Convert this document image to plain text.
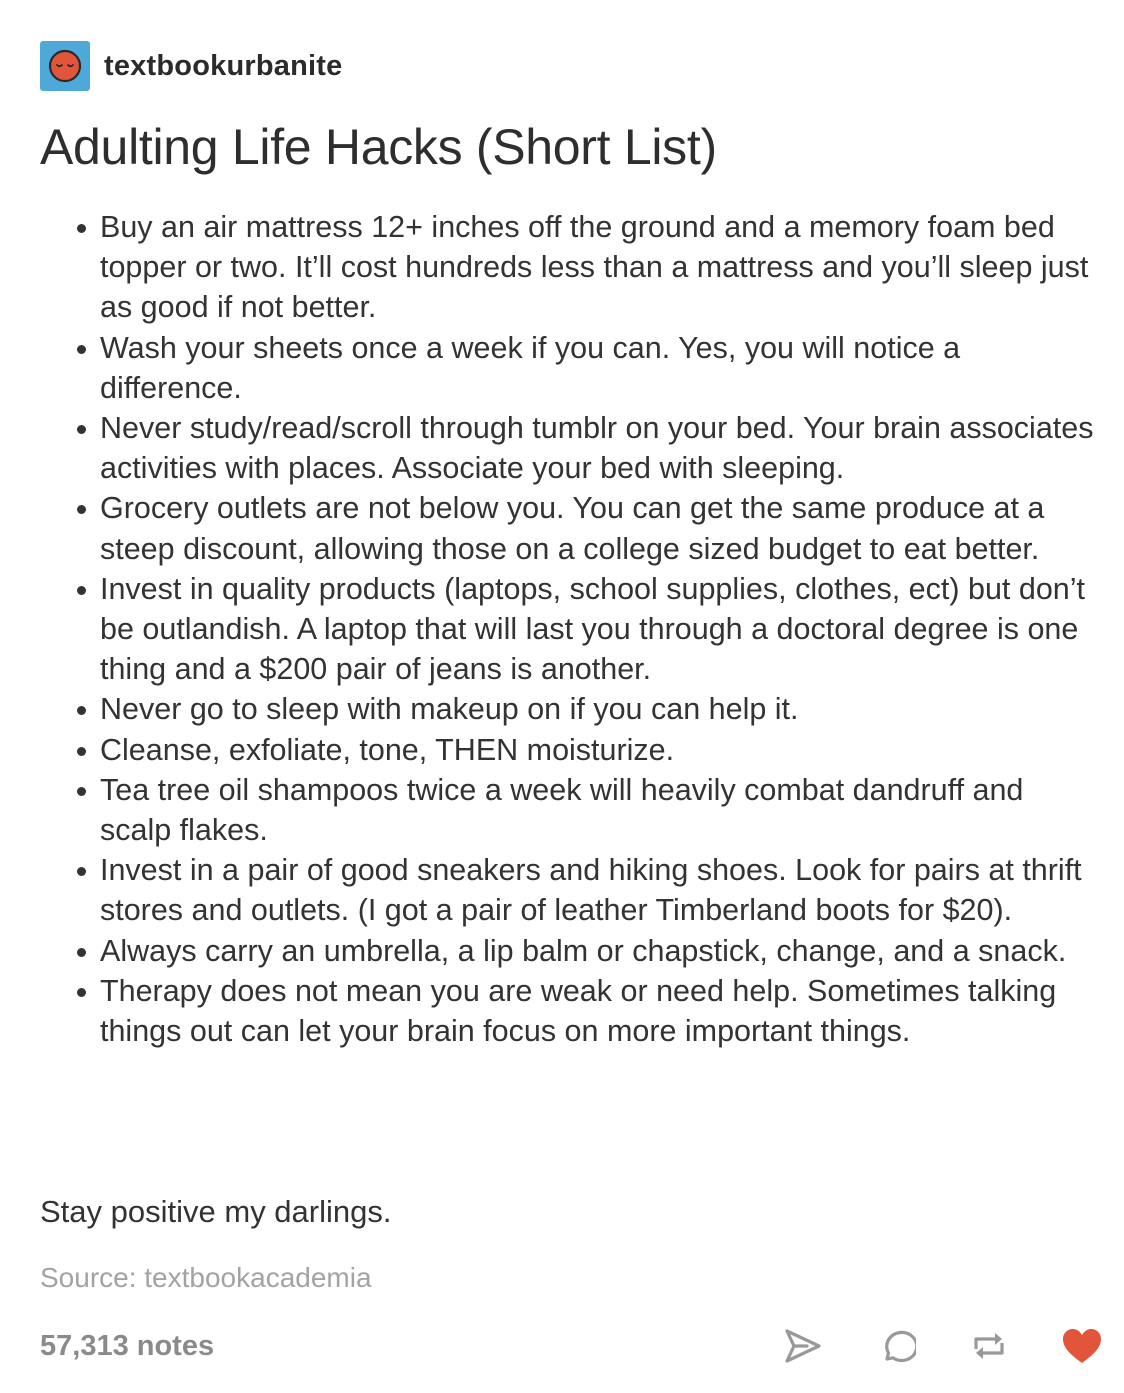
textbookurbanite
Adulting Life Hacks (Short List)
Buy an air mattress 12+ inches off the ground and a memory foam bed topper or two. It’ll cost hundreds less than a mattress and you’ll sleep just as good if not better.
Wash your sheets once a week if you can. Yes, you will notice a difference.
Never study/read/scroll through tumblr on your bed. Your brain associates activities with places. Associate your bed with sleeping.
Grocery outlets are not below you. You can get the same produce at a steep discount, allowing those on a college sized budget to eat better.
Invest in quality products (laptops, school supplies, clothes, ect) but don’t be outlandish. A laptop that will last you through a doctoral degree is one thing and a $200 pair of jeans is another.
Never go to sleep with makeup on if you can help it.
Cleanse, exfoliate, tone, THEN moisturize.
Tea tree oil shampoos twice a week will heavily combat dandruff and scalp flakes.
Invest in a pair of good sneakers and hiking shoes. Look for pairs at thrift stores and outlets. (I got a pair of leather Timberland boots for $20).
Always carry an umbrella, a lip balm or chapstick, change, and a snack.
Therapy does not mean you are weak or need help. Sometimes talking things out can let your brain focus on more important things.
Stay positive my darlings.
Source: textbookacademia
57,313 notes
